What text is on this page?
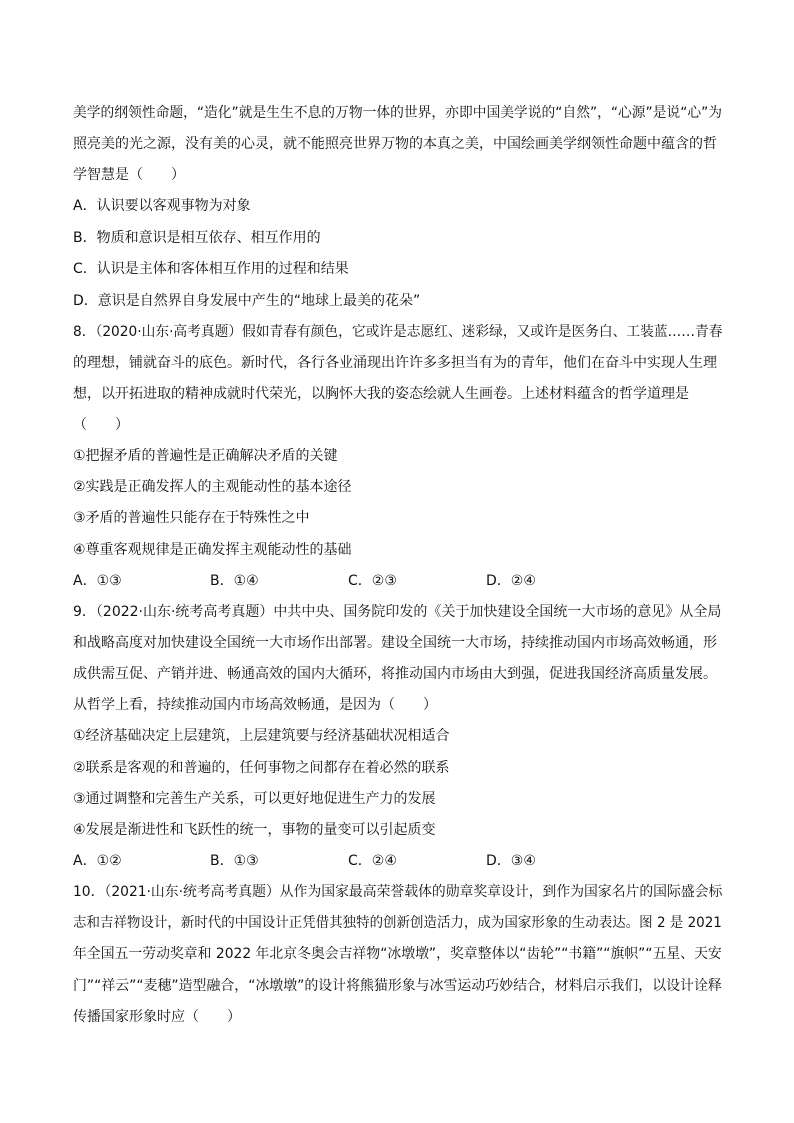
美学的纲领性命题，“造化”就是生生不息的万物一体的世界，亦即中国美学说的“自然”，“心源”是说“心”为
照亮美的光之源，没有美的心灵，就不能照亮世界万物的本真之美，中国绘画美学纲领性命题中蕴含的哲
学智慧是（　　）
A．认识要以客观事物为对象
B．物质和意识是相互依存、相互作用的
C．认识是主体和客体相互作用的过程和结果
D．意识是自然界自身发展中产生的“地球上最美的花朵”
8．（2020·山东·高考真题）假如青春有颜色，它或许是志愿红、迷彩绿，又或许是医务白、工装蓝……青春
的理想，铺就奋斗的底色。新时代，各行各业涌现出许许多多担当有为的青年，他们在奋斗中实现人生理
想，以开拓进取的精神成就时代荣光，以胸怀大我的姿态绘就人生画卷。上述材料蕴含的哲学道理是
（　　）
①把握矛盾的普遍性是正确解决矛盾的关键
②实践是正确发挥人的主观能动性的基本途径
③矛盾的普遍性只能存在于特殊性之中
④尊重客观规律是正确发挥主观能动性的基础
A．①③	B．①④	C．②③	D．②④
9．（2022·山东·统考高考真题）中共中央、国务院印发的《关于加快建设全国统一大市场的意见》从全局
和战略高度对加快建设全国统一大市场作出部署。建设全国统一大市场，持续推动国内市场高效畅通，形
成供需互促、产销并进、畅通高效的国内大循环，将推动国内市场由大到强，促进我国经济高质量发展。
从哲学上看，持续推动国内市场高效畅通，是因为（　　）
①经济基础决定上层建筑，上层建筑要与经济基础状况相适合
②联系是客观的和普遍的，任何事物之间都存在着必然的联系
③通过调整和完善生产关系，可以更好地促进生产力的发展
④发展是渐进性和飞跃性的统一，事物的量变可以引起质变
A．①②	B．①③	C．②④	D．③④
10．（2021·山东·统考高考真题）从作为国家最高荣誉载体的勋章奖章设计，到作为国家名片的国际盛会标
志和吉祥物设计，新时代的中国设计正凭借其独特的创新创造活力，成为国家形象的生动表达。图 2 是 2021
年全国五一劳动奖章和 2022 年北京冬奥会吉祥物“冰墩墩”，奖章整体以“齿轮”“书籍”“旗帜”“五星、天安
门”“祥云”“麦穗”造型融合，“冰墩墩”的设计将熊猫形象与冰雪运动巧妙结合，材料启示我们，以设计诠释
传播国家形象时应（　　）
